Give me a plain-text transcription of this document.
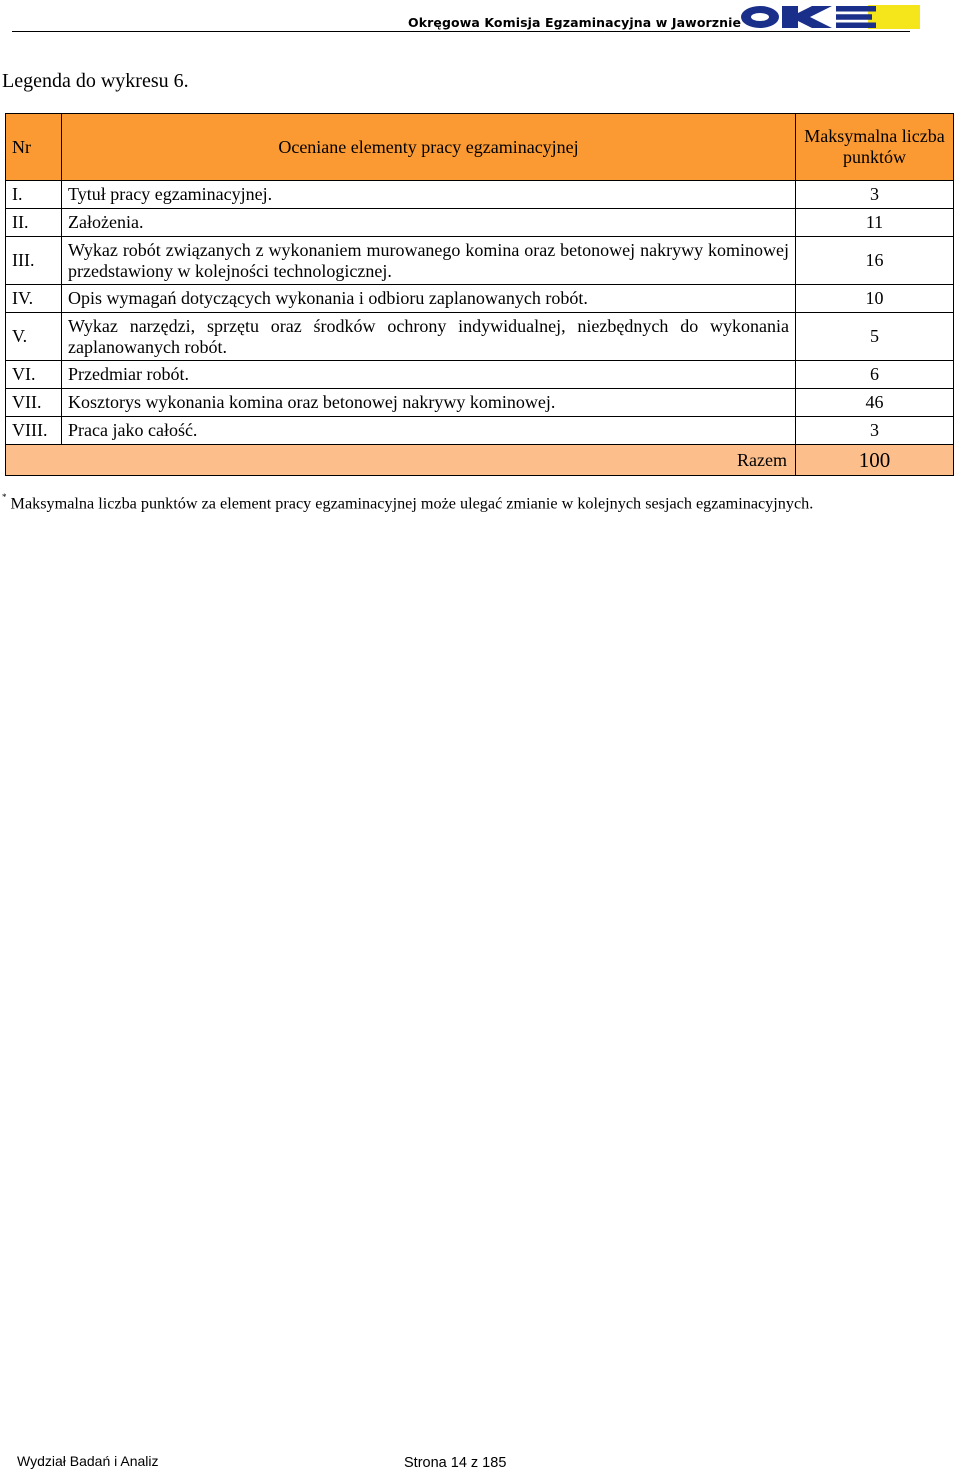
Okręgowa Komisja Egzaminacyjna w Jaworznie
Legenda do wykresu 6.
Nr	Oceniane elementy pracy egzaminacyjnej	Maksymalna liczba punktów
I.	Tytuł pracy egzaminacyjnej.	3
II.	Założenia.	11
III.	Wykaz robót związanych z wykonaniem murowanego komina oraz betonowej nakrywy kominowej przedstawiony w kolejności technologicznej.	16
IV.	Opis wymagań dotyczących wykonania i odbioru zaplanowanych robót.	10
V.	Wykaz narzędzi, sprzętu oraz środków ochrony indywidualnej, niezbędnych do wykonania zaplanowanych robót.	5
VI.	Przedmiar robót.	6
VII.	Kosztorys wykonania komina oraz betonowej nakrywy kominowej.	46
VIII.	Praca jako całość.	3
Razem		100
* Maksymalna liczba punktów za element pracy egzaminacyjnej może ulegać zmianie w kolejnych sesjach egzaminacyjnych.
Wydział Badań i Analiz	Strona 14 z 185
